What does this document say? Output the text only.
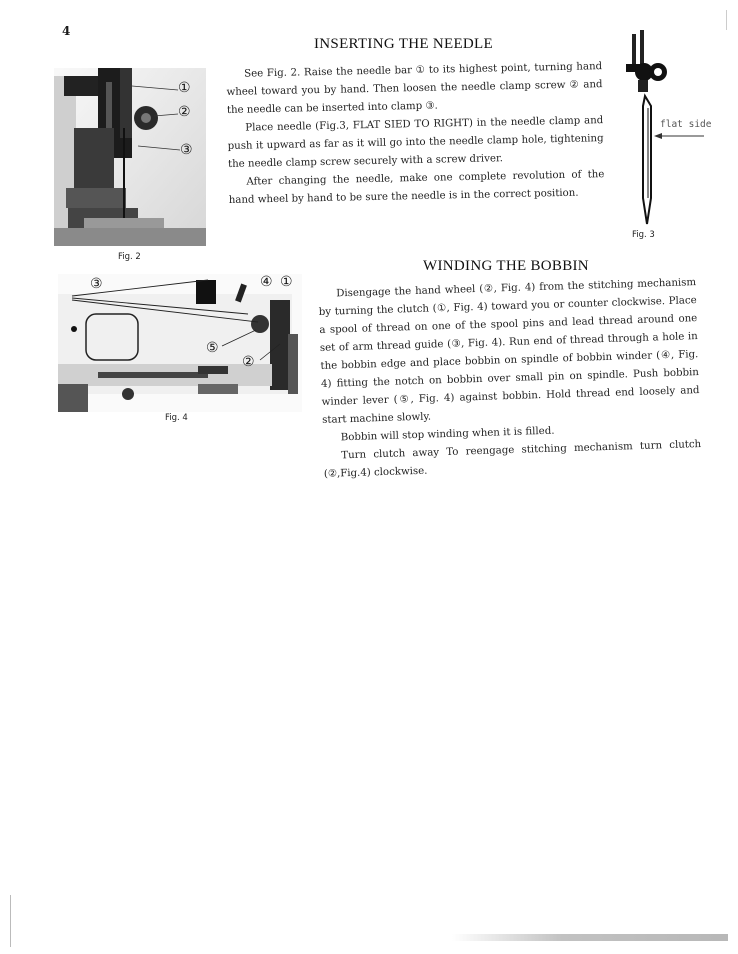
4
INSERTING THE NEEDLE

See Fig. 2. Raise the needle bar ① to its highest point, turning hand wheel toward you by hand. Then loosen the needle clamp screw ② and the needle can be inserted into clamp ③.

Place needle (Fig.3, FLAT SIED TO RIGHT) in the needle clamp and push it upward as far as it will go into the needle clamp hole, tightening the needle clamp screw securely with a screw driver.

After changing the needle, make one complete revolution of the hand wheel by hand to be sure the needle is in the correct position.

①
②
③
Fig. 2
flat side
Fig. 3
WINDING THE BOBBIN

Disengage the hand wheel (②, Fig. 4) from the stitching mechanism by turning the clutch (①, Fig. 4) toward you or counter clockwise. Place a spool of thread on one of the spool pins and lead thread around one set of arm thread guide (③, Fig. 4). Run end of thread through a hole in the bobbin edge and place bobbin on spindle of bobbin winder (④, Fig. 4) fitting the notch on bobbin over small pin on spindle. Push bobbin winder lever (⑤, Fig. 4) against bobbin. Hold thread end loosely and start machine slowly.

Bobbin will stop winding when it is filled.

Turn clutch away To reengage stitching mechanism turn clutch (②,Fig.4) clockwise.

③	④ ①
⑤
②
Fig. 4
